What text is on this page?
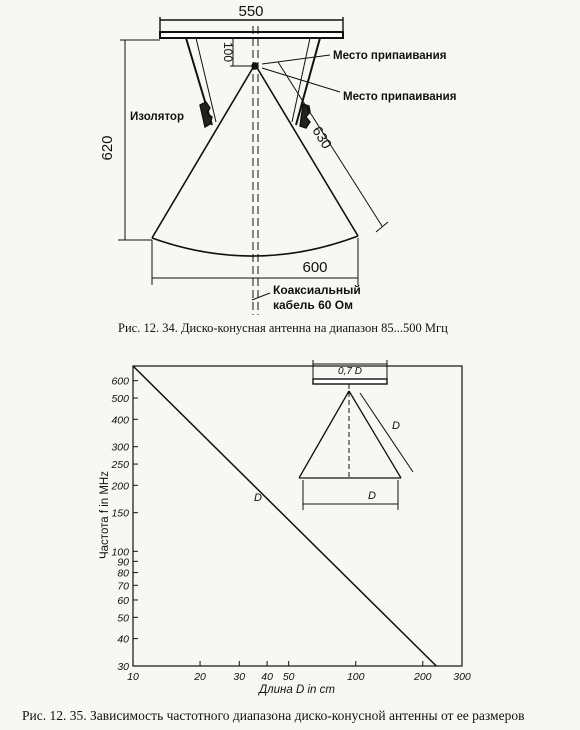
550
100
620	630
600
Место припаивания
Место припаивания
Изолятор
Коаксиальный
кабель 60 Ом
Частота f in MHz
Длина D in cm
D
0,7 D
D
D
600
500
400
300
250
200
150
100
90
80
70
60
50
40
30
10	20	30 40 50	100	200 300
Рис. 12. 34. Диско-конусная антенна на диапазон 85...500 Мгц
Рис. 12. 35. Зависимость частотного диапазона диско-конусной антенны от ее размеров
